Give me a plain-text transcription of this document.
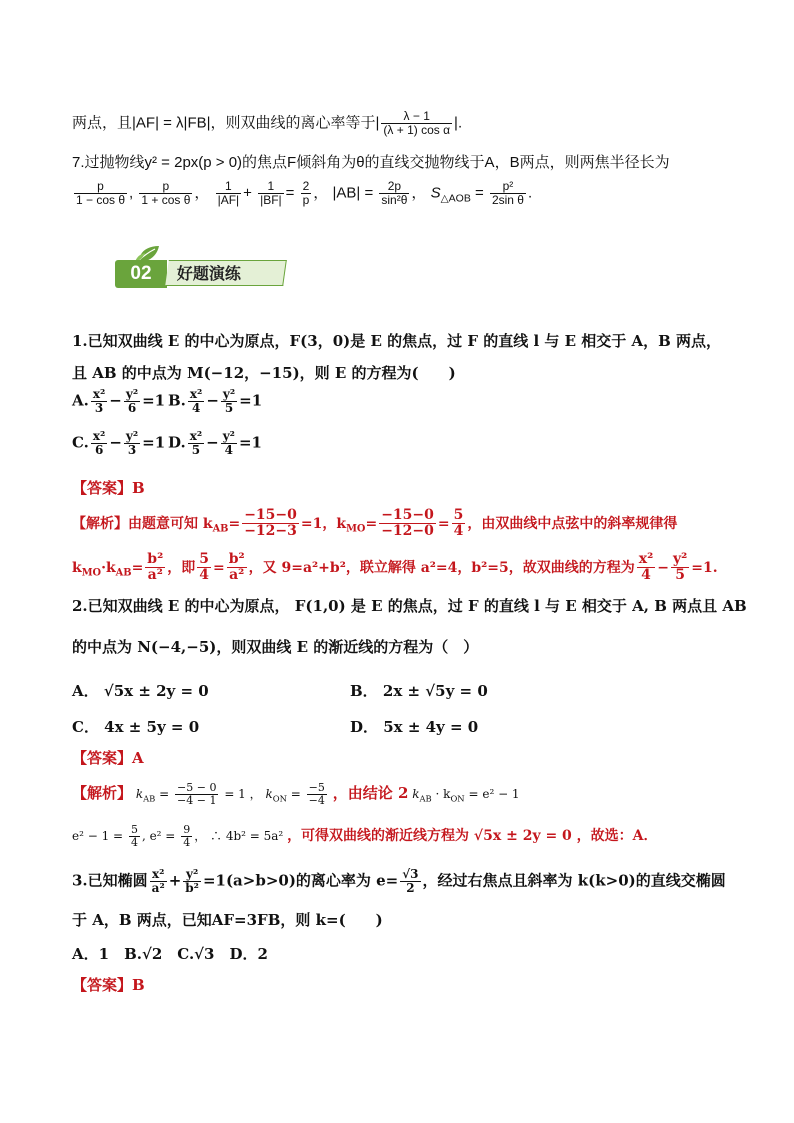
两点，且|AF| = λ|FB|，则双曲线的离心率等于| $\frac{\lambda - 1}{\text{(λ + 1) cos α}}$ |.
7.过抛物线y² = 2px(p > 0)的焦点F倾斜角为θ的直线交抛物线于A，B两点，则两焦半径长为
$\frac{p}{\text{1 − cos θ}}$ , $\frac{p}{\text{1 + cos θ}}$ ， $\frac{1}{|AF|} + \frac{1}{|BF|} = \frac{2}{p}$ ， $|AB| = \frac{2p}{\text{sin²θ}}$ ， $S_{\triangle AOB} = \frac{\text{p²}}{\text{2sin θ}}$ .
02	好题演练
1.已知双曲线 E 的中心为原点，F(3，0)是 E 的焦点，过 F 的直线 l 与 E 相交于 A，B 两点，
且 AB 的中点为 M(−12，−15)，则 E 的方程为(　　)
A. $\frac{\text{x²}}{3} - \frac{\text{y²}}{6} =1$ B. $\frac{\text{x²}}{4} - \frac{\text{y²}}{5} =1$
C. $\frac{\text{x²}}{6} - \frac{\text{y²}}{3} =1$ D. $\frac{\text{x²}}{5} - \frac{\text{y²}}{4} =1$
【答案】B
【解析】由题意可知 $k_{AB}= \frac{-15-0}{-12-3} =1$，$k_{MO}= \frac{-15-0}{-12-0} = \frac{5}{4}$ ，由双曲线中点弦中的斜率规律得
$k_{MO}\cdot k_{AB}= \frac{\text{b²}}{\text{a²}}$ ，即 $\frac{5}{4} = \frac{\text{b²}}{\text{a²}}$ ，又 9=a²+b²，联立解得 a²=4，b²=5，故双曲线的方程为 $\frac{\text{x²}}{4} - \frac{\text{y²}}{5} =1$.
2.已知双曲线 E 的中心为原点， F(1,0) 是 E 的焦点，过 F 的直线 l 与 E 相交于 A, B 两点且 AB
的中点为 N(−4,−5)，则双曲线 E 的渐近线的方程为（　）
A． √5x ± 2y = 0	B． 2x ± √5y = 0
C． 4x ± 5y = 0	D． 5x ± 4y = 0
【答案】A
【解析】 $k_{AB} = \frac{-5 - 0}{-4 - 1} = 1$ ， $k_{ON} = \frac{-5}{-4}$ ，由结论 2 $k_{AB} \cdot k_{ON} = e^2 - 1$
$e^2 - 1 = \frac{5}{4}$ , $e^2 = \frac{9}{4}$ ， ∴ 4b² = 5a² ，可得双曲线的渐近线方程为 √5x ± 2y = 0 ，故选：A．
3.已知椭圆 $\frac{\text{x²}}{\text{a²}} + \frac{\text{y²}}{\text{b²}} =1(a>b>0)$的离心率为 $e= \frac{√3}{2}$ ，经过右焦点且斜率为 k(k>0)的直线交椭圆
于 A，B 两点，已知AF=3FB，则 k=(　　)
A．1　B.√2　C.√3　D．2
【答案】B
